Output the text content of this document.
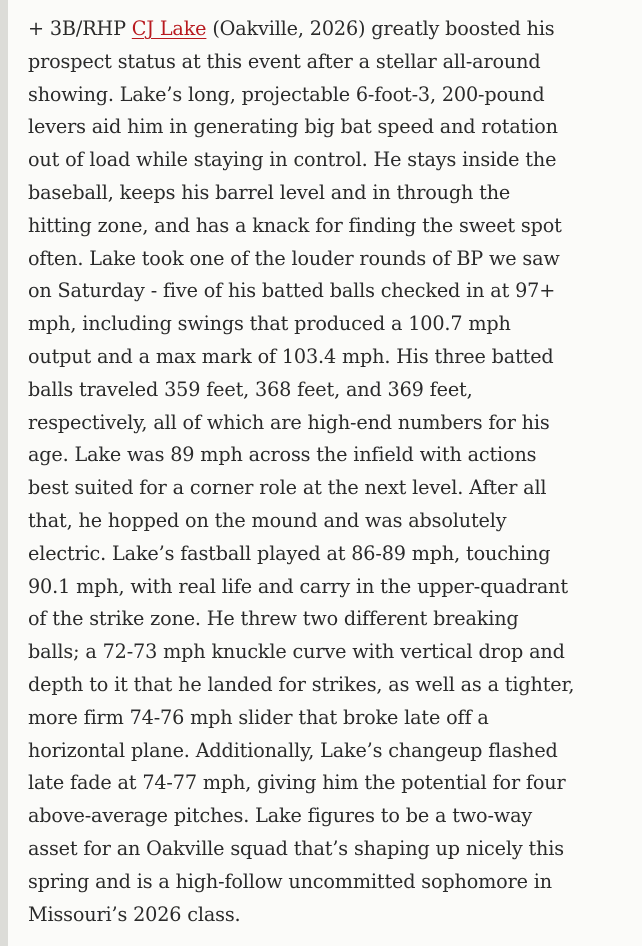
+ 3B/RHP CJ Lake (Oakville, 2026) greatly boosted his
prospect status at this event after a stellar all-around
showing. Lake’s long, projectable 6-foot-3, 200-pound
levers aid him in generating big bat speed and rotation
out of load while staying in control. He stays inside the
baseball, keeps his barrel level and in through the
hitting zone, and has a knack for finding the sweet spot
often. Lake took one of the louder rounds of BP we saw
on Saturday - five of his batted balls checked in at 97+
mph, including swings that produced a 100.7 mph
output and a max mark of 103.4 mph. His three batted
balls traveled 359 feet, 368 feet, and 369 feet,
respectively, all of which are high-end numbers for his
age. Lake was 89 mph across the infield with actions
best suited for a corner role at the next level. After all
that, he hopped on the mound and was absolutely
electric. Lake’s fastball played at 86-89 mph, touching
90.1 mph, with real life and carry in the upper-quadrant
of the strike zone. He threw two different breaking
balls; a 72-73 mph knuckle curve with vertical drop and
depth to it that he landed for strikes, as well as a tighter,
more firm 74-76 mph slider that broke late off a
horizontal plane. Additionally, Lake’s changeup flashed
late fade at 74-77 mph, giving him the potential for four
above-average pitches. Lake figures to be a two-way
asset for an Oakville squad that’s shaping up nicely this
spring and is a high-follow uncommitted sophomore in
Missouri’s 2026 class.
